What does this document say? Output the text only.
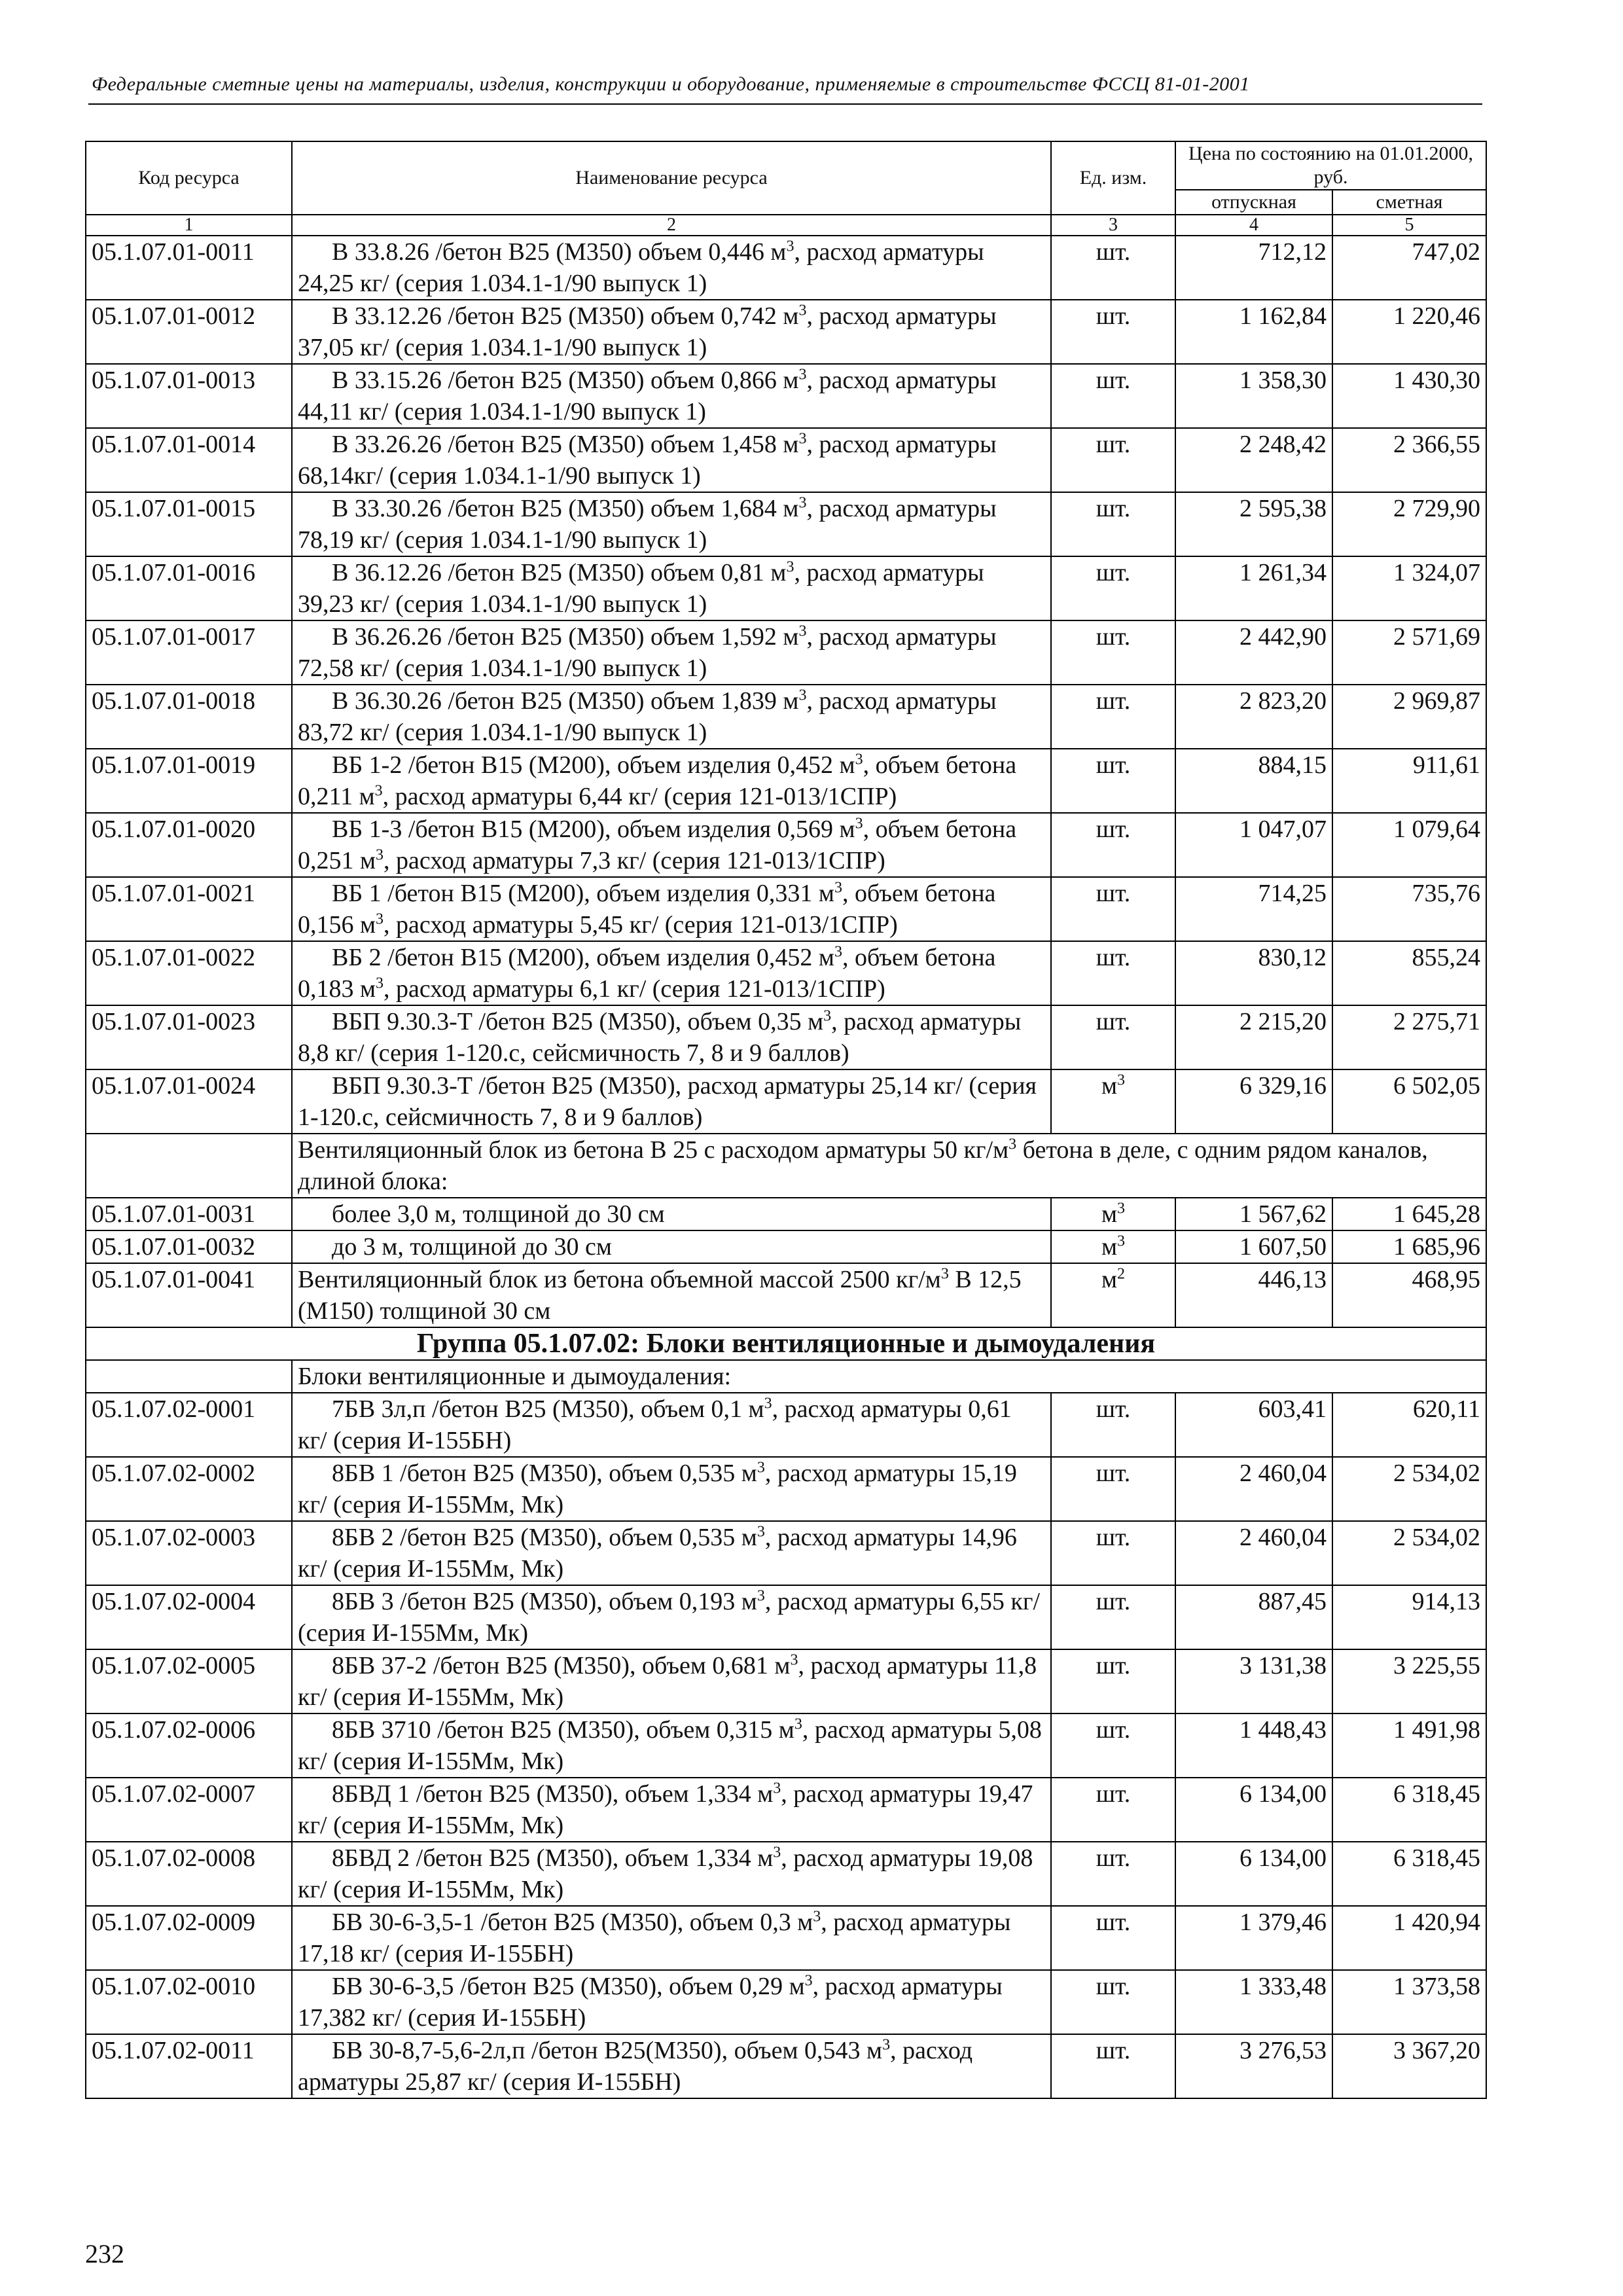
Федеральные сметные цены на материалы, изделия, конструкции и оборудование, применяемые в строительстве ФССЦ 81-01-2001
Код ресурса	Наименование ресурса	Ед. изм.	Цена по состоянию на 01.01.2000, руб.	
			отпускная	сметная
1	2	3	4	5
05.1.07.01-0011	В 33.8.26 /бетон В25 (М350) объем 0,446 $м^3$, расход арматуры 24,25 кг/ (серия 1.034.1-1/90 выпуск 1)	шт.	712,12	747,02
05.1.07.01-0012	В 33.12.26 /бетон В25 (М350) объем 0,742 $м^3$, расход арматуры 37,05 кг/ (серия 1.034.1-1/90 выпуск 1)	шт.	1 162,84	1 220,46
05.1.07.01-0013	В 33.15.26 /бетон В25 (М350) объем 0,866 $м^3$, расход арматуры 44,11 кг/ (серия 1.034.1-1/90 выпуск 1)	шт.	1 358,30	1 430,30
05.1.07.01-0014	В 33.26.26 /бетон В25 (М350) объем 1,458 $м^3$, расход арматуры 68,14кг/ (серия 1.034.1-1/90 выпуск 1)	шт.	2 248,42	2 366,55
05.1.07.01-0015	В 33.30.26 /бетон В25 (М350) объем 1,684 $м^3$, расход арматуры 78,19 кг/ (серия 1.034.1-1/90 выпуск 1)	шт.	2 595,38	2 729,90
05.1.07.01-0016	В 36.12.26 /бетон В25 (М350) объем 0,81 $м^3$, расход арматуры 39,23 кг/ (серия 1.034.1-1/90 выпуск 1)	шт.	1 261,34	1 324,07
05.1.07.01-0017	В 36.26.26 /бетон В25 (М350) объем 1,592 $м^3$, расход арматуры 72,58 кг/ (серия 1.034.1-1/90 выпуск 1)	шт.	2 442,90	2 571,69
05.1.07.01-0018	В 36.30.26 /бетон В25 (М350) объем 1,839 $м^3$, расход арматуры 83,72 кг/ (серия 1.034.1-1/90 выпуск 1)	шт.	2 823,20	2 969,87
05.1.07.01-0019	ВБ 1-2 /бетон В15 (М200), объем изделия 0,452 $м^3$, объем бетона 0,211 $м^3$, расход арматуры 6,44 кг/ (серия 121-013/1СПР)	шт.	884,15	911,61
05.1.07.01-0020	ВБ 1-3 /бетон В15 (М200), объем изделия 0,569 $м^3$, объем бетона 0,251 $м^3$, расход арматуры 7,3 кг/ (серия 121-013/1СПР)	шт.	1 047,07	1 079,64
05.1.07.01-0021	ВБ 1 /бетон В15 (М200), объем изделия 0,331 $м^3$, объем бетона 0,156 $м^3$, расход арматуры 5,45 кг/ (серия 121-013/1СПР)	шт.	714,25	735,76
05.1.07.01-0022	ВБ 2 /бетон В15 (М200), объем изделия 0,452 $м^3$, объем бетона 0,183 $м^3$, расход арматуры 6,1 кг/ (серия 121-013/1СПР)	шт.	830,12	855,24
05.1.07.01-0023	ВБП 9.30.3-Т /бетон В25 (М350), объем 0,35 $м^3$, расход арматуры 8,8 кг/ (серия 1-120.с, сейсмичность 7, 8 и 9 баллов)	шт.	2 215,20	2 275,71
05.1.07.01-0024	ВБП 9.30.3-Т /бетон В25 (М350), расход арматуры 25,14 кг/ (серия 1-120.с, сейсмичность 7, 8 и 9 баллов)	$м^3$	6 329,16	6 502,05
	Вентиляционный блок из бетона В 25 с расходом арматуры 50 $кг/м^3$ бетона в деле, с одним рядом каналов, длиной блока:			
05.1.07.01-0031	более 3,0 м, толщиной до 30 см	$м^3$	1 567,62	1 645,28
05.1.07.01-0032	до 3 м, толщиной до 30 см	$м^3$	1 607,50	1 685,96
05.1.07.01-0041	Вентиляционный блок из бетона объемной массой 2500 $кг/м^3$ В 12,5 (М150) толщиной 30 см	$м^2$	446,13	468,95
Группа 05.1.07.02: Блоки вентиляционные и дымоудаления				
	Блоки вентиляционные и дымоудаления:			
05.1.07.02-0001	7БВ 3л,п /бетон В25 (М350), объем 0,1 $м^3$, расход арматуры 0,61 кг/ (серия И-155БН)	шт.	603,41	620,11
05.1.07.02-0002	8БВ 1 /бетон В25 (М350), объем 0,535 $м^3$, расход арматуры 15,19 кг/ (серия И-155Мм, Мк)	шт.	2 460,04	2 534,02
05.1.07.02-0003	8БВ 2 /бетон В25 (М350), объем 0,535 $м^3$, расход арматуры 14,96 кг/ (серия И-155Мм, Мк)	шт.	2 460,04	2 534,02
05.1.07.02-0004	8БВ 3 /бетон В25 (М350), объем 0,193 $м^3$, расход арматуры 6,55 кг/ (серия И-155Мм, Мк)	шт.	887,45	914,13
05.1.07.02-0005	8БВ 37-2 /бетон В25 (М350), объем 0,681 $м^3$, расход арматуры 11,8 кг/ (серия И-155Мм, Мк)	шт.	3 131,38	3 225,55
05.1.07.02-0006	8БВ 3710 /бетон В25 (М350), объем 0,315 $м^3$, расход арматуры 5,08 кг/ (серия И-155Мм, Мк)	шт.	1 448,43	1 491,98
05.1.07.02-0007	8БВД 1 /бетон В25 (М350), объем 1,334 $м^3$, расход арматуры 19,47 кг/ (серия И-155Мм, Мк)	шт.	6 134,00	6 318,45
05.1.07.02-0008	8БВД 2 /бетон В25 (М350), объем 1,334 $м^3$, расход арматуры 19,08 кг/ (серия И-155Мм, Мк)	шт.	6 134,00	6 318,45
05.1.07.02-0009	БВ 30-6-3,5-1 /бетон В25 (М350), объем 0,3 $м^3$, расход арматуры 17,18 кг/ (серия И-155БН)	шт.	1 379,46	1 420,94
05.1.07.02-0010	БВ 30-6-3,5 /бетон В25 (М350), объем 0,29 $м^3$, расход арматуры 17,382 кг/ (серия И-155БН)	шт.	1 333,48	1 373,58
05.1.07.02-0011	БВ 30-8,7-5,6-2л,п /бетон В25(М350), объем 0,543 $м^3$, расход арматуры 25,87 кг/ (серия И-155БН)	шт.	3 276,53	3 367,20
232
